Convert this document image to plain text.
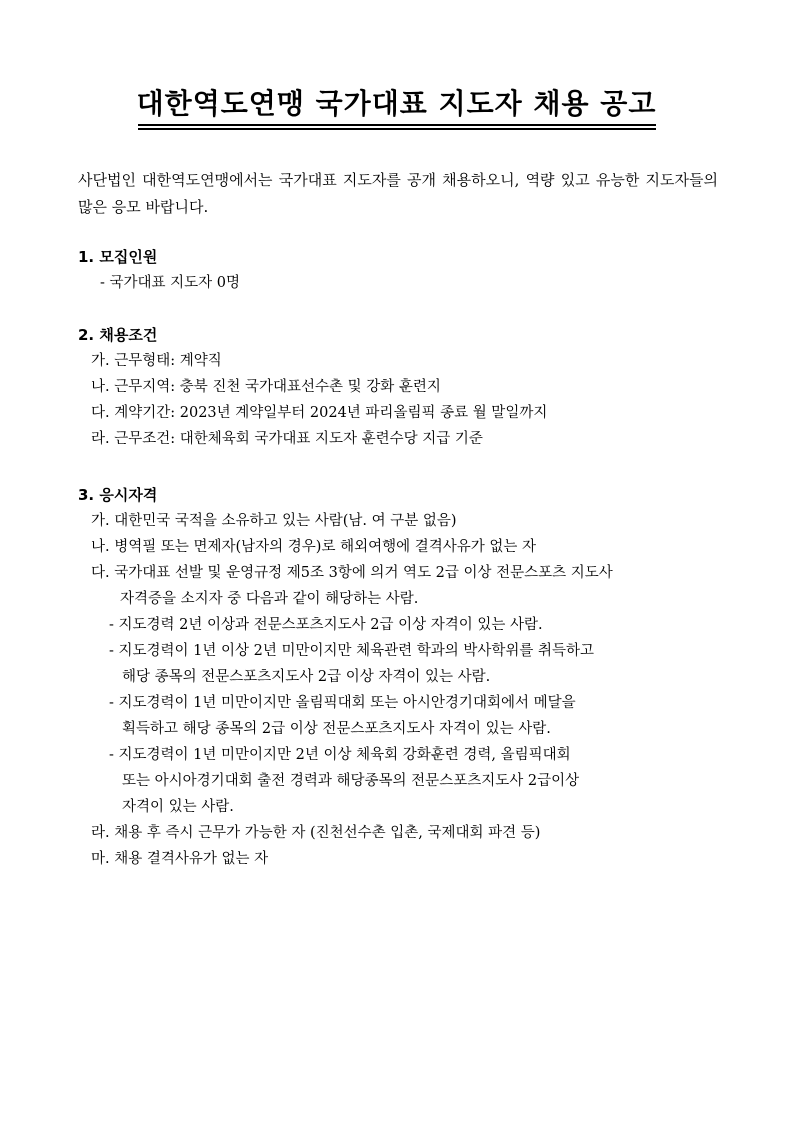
대한역도연맹 국가대표 지도자 채용 공고
사단법인 대한역도연맹에서는 국가대표 지도자를 공개 채용하오니, 역량 있고 유능한 지도자들의 많은 응모 바랍니다.
1. 모집인원
- 국가대표 지도자 0명
2. 채용조건
가. 근무형태: 계약직
나. 근무지역: 충북 진천 국가대표선수촌 및 강화 훈련지
다. 계약기간: 2023년 계약일부터 2024년 파리올림픽 종료 월 말일까지
라. 근무조건: 대한체육회 국가대표 지도자 훈련수당 지급 기준
3. 응시자격
가. 대한민국 국적을 소유하고 있는 사람(남. 여 구분 없음)
나. 병역필 또는 면제자(남자의 경우)로 해외여행에 결격사유가 없는 자
다. 국가대표 선발 및 운영규정 제5조 3항에 의거 역도 2급 이상 전문스포츠 지도사
자격증을 소지자 중 다음과 같이 해당하는 사람.
- 지도경력 2년 이상과 전문스포츠지도사 2급 이상 자격이 있는 사람.
- 지도경력이 1년 이상 2년 미만이지만 체육관련 학과의 박사학위를 취득하고
해당 종목의 전문스포츠지도사 2급 이상 자격이 있는 사람.
- 지도경력이 1년 미만이지만 올림픽대회 또는 아시안경기대회에서 메달을
획득하고 해당 종목의 2급 이상 전문스포츠지도사 자격이 있는 사람.
- 지도경력이 1년 미만이지만 2년 이상 체육회 강화훈련 경력, 올림픽대회
또는 아시아경기대회 출전 경력과 해당종목의 전문스포츠지도사 2급이상
자격이 있는 사람.
라. 채용 후 즉시 근무가 가능한 자 (진천선수촌 입촌, 국제대회 파견 등)
마. 채용 결격사유가 없는 자
